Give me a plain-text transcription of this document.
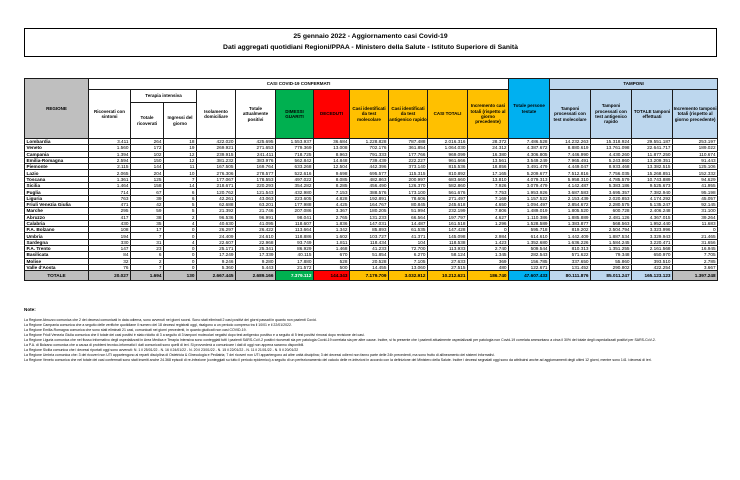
25 gennaio 2022 - Aggiornamento casi Covid-19
Dati aggregati quotidiani Regioni/PPAA - Ministero della Salute - Istituto Superiore di Sanità
REGIONE	CASI COVID-19 CONFERMATI											Totale persone testate	TAMPONI			
	Ricoverati con sintomi	Terapia intensiva		Isolamento domiciliare	Totale attualmente positivi	DIMESSI GUARITI	DECEDUTI	Casi identificati da test molecolare	Casi identificati da test antigenico rapido	CASI TOTALI	Incremento casi totali (rispetto al giorno precedente)		Tamponi processati con test molecolare	Tamponi processati con test antigenico rapido	TOTALE tamponi effettuati	Incremento tamponi totali (rispetto al giorno precedente)
		Totale ricoverati	Ingressi del giorno													
Lombardia	3.411	264	18	422.020	425.695	1.553.937	36.684	1.228.828	787.488	2.016.316	28.372	7.486.528	14.232.263	15.318.924	29.551.187	253.197
Veneto	1.560	172	19	269.921	271.653	779.369	13.008	702.176	361.854	1.064.030	24.312	4.387.672	8.880.619	13.761.098	22.641.717	189.022
Campania	1.394	102	12	239.915	241.411	718.725	8.963	791.333	177.766	969.099	16.380	4.306.805	7.446.990	4.430.260	11.877.250	110.674
Emilia-Romagna	2.594	150	12	381.232	383.976	562.842	14.848	739.439	222.227	961.666	13.561	3.549.249	7.965.491	5.243.860	13.209.351	91.443
Piemonte	2.115	144	11	167.505	169.764	633.268	12.504	442.396	373.140	815.536	18.856	3.491.479	4.449.047	8.933.468	13.382.515	125.106
Lazio	2.065	204	10	276.306	278.577	522.616	9.698	695.577	115.315	810.892	17.165	5.209.677	7.512.816	7.756.035	15.268.851	152.332
Toscana	1.361	125	7	177.067	178.553	497.022	8.085	482.863	200.997	683.660	13.810	4.079.313	5.958.310	4.785.579	10.743.889	94.629
Sicilia	1.464	158	14	218.671	220.293	354.282	8.285	456.490	126.370	582.860	7.926	3.079.479	4.142.487	5.383.186	9.525.673	41.955
Puglia	714	67	6	120.762	121.543	432.980	7.153	388.576	173.100	561.676	7.753	1.953.926	3.687.583	3.695.357	7.382.940	95.198
Liguria	763	39	6	42.261	43.063	223.605	4.828	192.891	78.606	271.497	7.169	1.157.522	2.153.439	2.020.853	4.174.292	45.057
Friuli Venezia Giulia	471	42	5	62.688	63.201	177.988	4.425	164.767	80.845	245.618	4.650	1.094.497	2.854.672	2.280.575	5.135.247	92.145
Marche	295	59	5	21.392	21.746	207.086	3.367	180.205	51.994	232.199	7.806	1.489.019	1.805.520	600.728	2.406.248	31.100
Abruzzo	417	38	2	96.536	96.991	98.041	2.765	131.233	66.564	197.797	4.627	1.110.386	1.885.889	2.481.126	4.367.015	39.264
Calabria	430	35	4	40.630	41.095	118.607	1.836	147.031	14.487	161.518	1.296	1.528.589	1.383.877	568.563	1.952.440	11.683
P.A. Bolzano	108	17	0	26.297	26.422	113.664	1.342	85.893	61.535	147.428	0	595.718	819.202	2.504.794	3.323.996	0
Umbria	194	7	0	24.409	24.610	118.886	1.602	103.727	41.371	145.098	2.984	614.610	1.442.409	1.887.534	3.329.943	21.465
Sardegna	330	31	4	22.607	22.968	93.749	1.811	118.434	104	118.538	1.423	1.352.680	1.636.226	1.584.245	3.220.471	31.656
P.A. Trento	147	23	0	25.171	25.341	86.929	1.468	41.233	72.700	113.933	2.740	509.544	810.313	1.351.255	2.161.568	16.945
Basilicata	84	6	0	17.249	17.339	40.115	670	51.854	6.270	58.124	1.345	282.543	571.622	79.348	650.970	7.705
Molise	32	2	0	9.246	9.280	17.880	528	20.528	7.105	27.633	369	156.785	337.650	55.860	393.510	2.785
Valle d'Aosta	76	7	0	5.360	5.443	21.572	500	14.455	13.060	27.515	480	122.671	131.452	290.802	422.254	3.667
TOTALE	20.027	1.694	130	2.667.445	2.689.166	7.379.112	144.343	7.179.709	3.032.912	10.212.621	186.740	47.607.433	80.111.876	85.011.247	165.123.123	1.397.248
Note:
La Regione Abruzzo comunica che 2 dei decessi comunicati in data odierna, sono avvenuti nei giorni scorsi. Sono stati eliminati 2 casi positivi dei giorni passati in quanto non pazienti Covid.
La Regione Campania comunica che a seguito delle verifiche quotidiane il numero dei 18 decessi registrati oggi, risalgono a un periodo compreso tra il 10/01 e il 22/01/2022.
La Regione Emilia-Romagna comunica che sono stati eliminati 21 casi, comunicati nei giorni precedenti, in quanto giudicati non casi COVID-19.
La Regione Friuli Venezia Giulia comunica che il totale dei casi positivi è stato ridotto di 3 a seguito di 3 tamponi molecolari negativi dopo test antigenico positivo e a seguito di 5 test positivi rimossi dopo revisione dei casi.
La Regione Liguria comunica che nel flusso informativo degli ospedalizzati in Area Medica e Terapia Intensiva sono conteggiati tutti i pazienti SARS-CoV-2 positivi ricoverati sia per patologia Covid-19 correlata sia per altre cause. Inoltre, si fa presente che i pazienti attualmente ospedalizzati per patologia non Covid-19 correlata ammontano a circa il 30% del totale degli ospedalizzati positivi per SARS-CoV-2.
La P.A. di Bolzano comunica che a causa di problemi tecnico-informatici i dati comunicati sono quelli di ieri. Si provvederà a comunicare i dati di oggi non appena saranno disponibili.
La Regione Sicilia comunica che i decessi riportati oggi sono avvenuti: N. 1 il 25/01/22 - N. 16 il 24/01/22 - N. 20 il 23/01/22 - N. 15 il 22/01/22 - N. 11 il 21/01/22 - N. 5 il 20/01/22
La Regione Umbria comunica che: 3 dei ricoveri non UTI appartengono ai reparti disciplina di Ostetricia & Ginecologia e Pediatria; 7 dei ricoveri non UTI appartengono ad altre unità disciplina; 3 dei decessi odierni non fanno parte delle 24h precedenti, ma sono frutto di allineamento dei sistemi informativi.
La Regione Veneto comunica che nel totale dei casi confermati sono stati inseriti anche 24.368 episodi di re-infezione (conteggiati su tutto il periodo epidemico) a seguito di un perfezionamento del calcolo delle re-infezioni in accordo con la definizione del Ministero della Salute. Inoltre i decessi segnalati oggi sono da attribuirsi anche ad aggiornamenti degli ultimi 12 giorni, mentre sono 141 i decessi di ieri.
